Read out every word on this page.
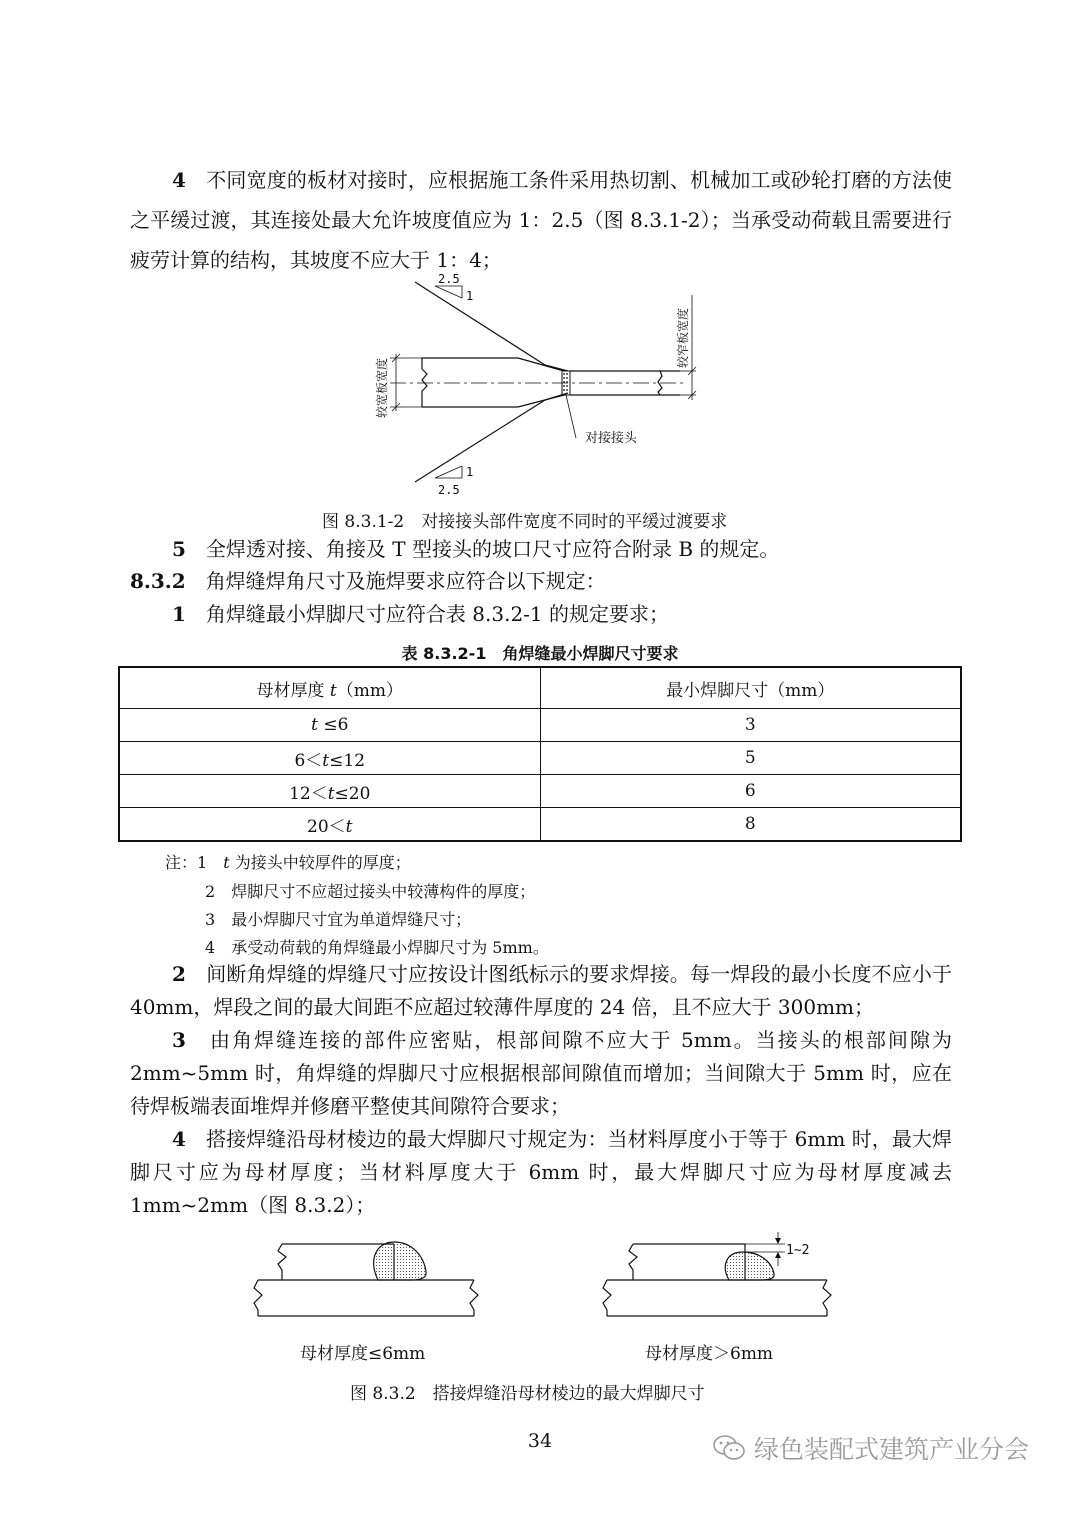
4　 不同宽度的板材对接时，应根据施工条件采用热切割、机械加工或砂轮打磨的方法使之平缓过渡，其连接处最大允许坡度值应为 1：2.5（图 8.3.1-2）；当承受动荷载且需要进行疲劳计算的结构，其坡度不应大于 1：4；
2.5
1
1
2.5
对接接头
较宽板宽度
较窄板宽度
图 8.3.1-2　对接接头部件宽度不同时的平缓过渡要求
5　 全焊透对接、角接及 T 型接头的坡口尺寸应符合附录 B 的规定。
8.3.2　 角焊缝焊角尺寸及施焊要求应符合以下规定：
1　 角焊缝最小焊脚尺寸应符合表 8.3.2-1 的规定要求；
表 8.3.2-1　角焊缝最小焊脚尺寸要求
母材厚度 t（mm）	最小焊脚尺寸（mm）
t ≤6	3
6＜t≤12	5
12＜t≤20	6
20＜t	8
注：1　 t 为接头中较厚件的厚度；
2　 焊脚尺寸不应超过接头中较薄构件的厚度；
3　 最小焊脚尺寸宜为单道焊缝尺寸；
4　 承受动荷载的角焊缝最小焊脚尺寸为 5mm。
2　 间断角焊缝的焊缝尺寸应按设计图纸标示的要求焊接。每一焊段的最小长度不应小于 40mm，焊段之间的最大间距不应超过较薄件厚度的 24 倍，且不应大于 300mm；
3　 由角焊缝连接的部件应密贴，根部间隙不应大于 5mm。当接头的根部间隙为 2mm~5mm 时，角焊缝的焊脚尺寸应根据根部间隙值而增加；当间隙大于 5mm 时，应在待焊板端表面堆焊并修磨平整使其间隙符合要求；
4　 搭接焊缝沿母材棱边的最大焊脚尺寸规定为：当材料厚度小于等于 6mm 时，最大焊脚尺寸应为母材厚度；当材料厚度大于 6mm 时，最大焊脚尺寸应为母材厚度减去 1mm~2mm（图 8.3.2）；
1~2
母材厚度≤6mm	母材厚度＞6mm
图 8.3.2　搭接焊缝沿母材棱边的最大焊脚尺寸
34	绿色装配式建筑产业分会
